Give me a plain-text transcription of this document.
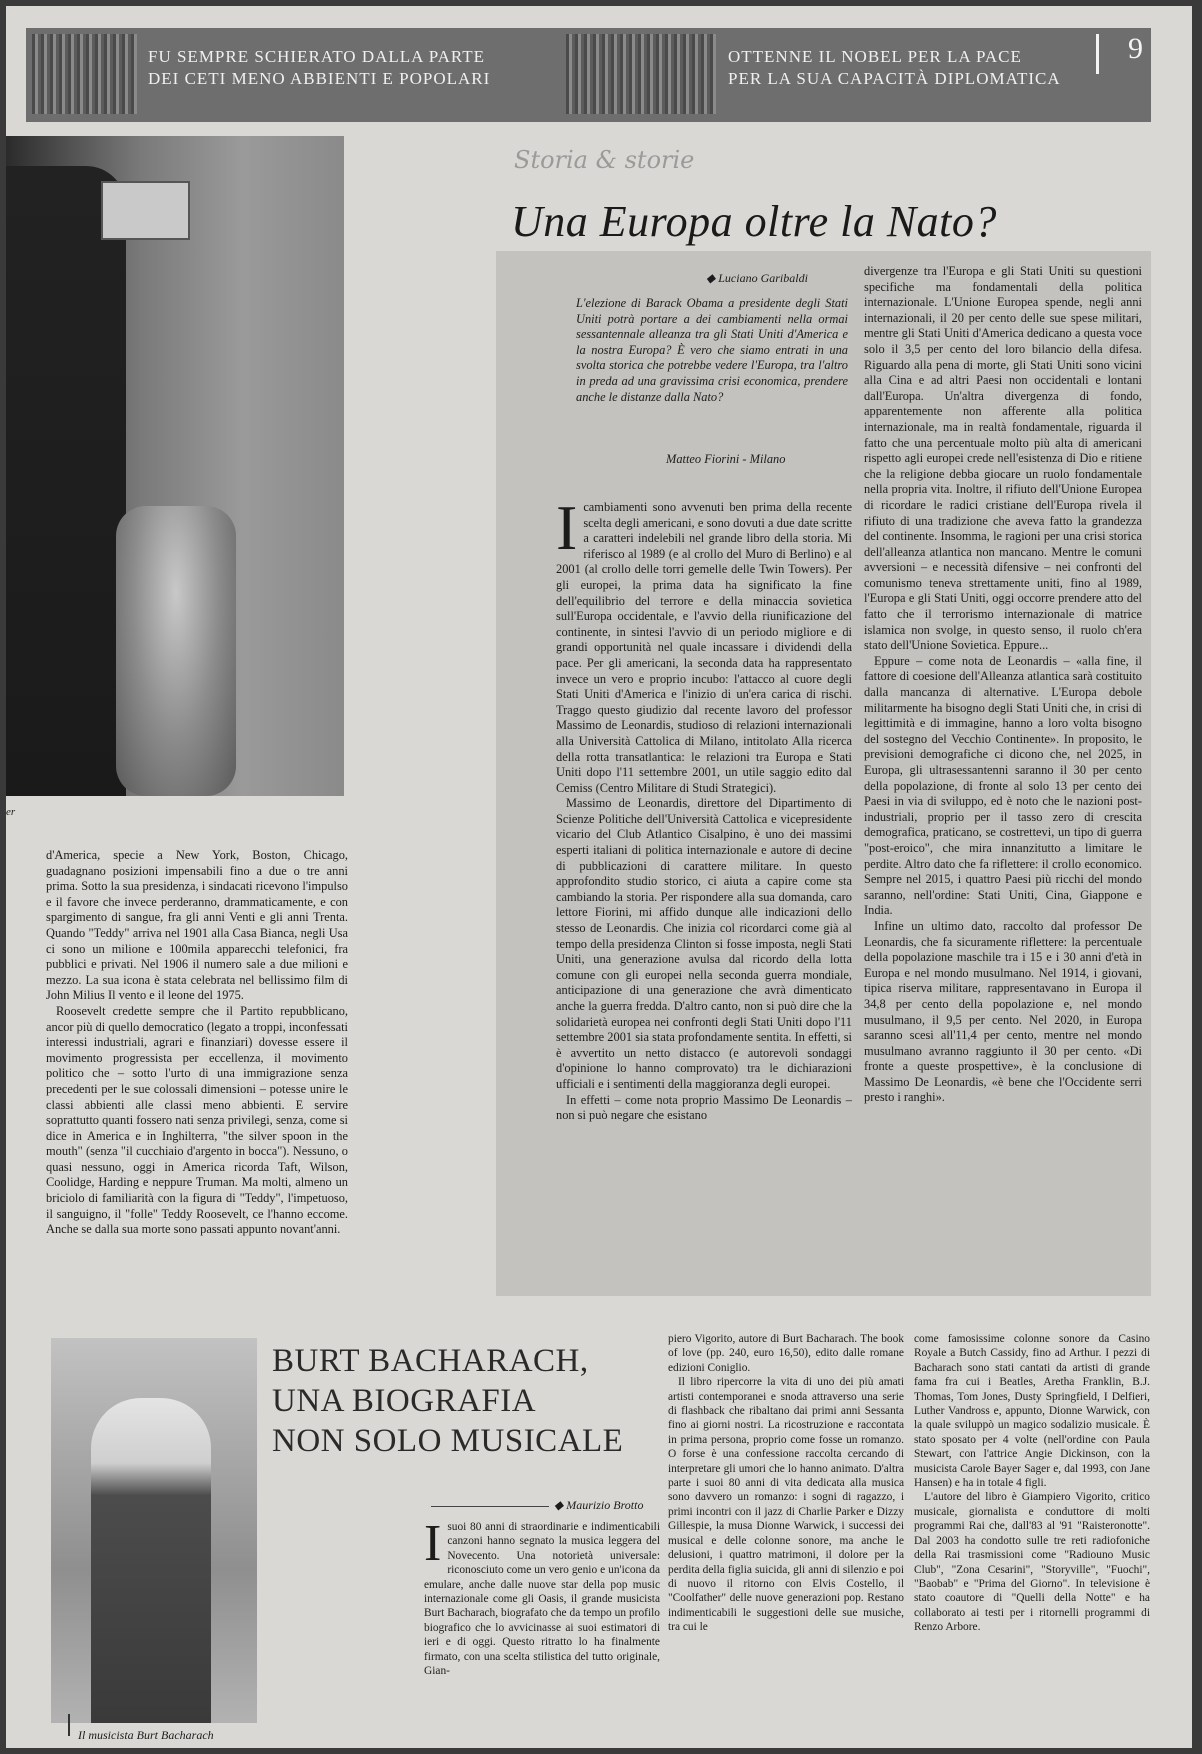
FU SEMPRE SCHIERATO DALLA PARTE
DEI CETI MENO ABBIENTI E POPOLARI
OTTENNE IL NOBEL PER LA PACE
PER LA SUA CAPACITÀ DIPLOMATICA
9
er

d'America, specie a New York, Boston, Chicago, guadagnano posizioni impensabili fino a due o tre anni prima. Sotto la sua presidenza, i sindacati ricevono l'impulso e il favore che invece perderanno, drammaticamente, e con spargimento di sangue, fra gli anni Venti e gli anni Trenta. Quando "Teddy" arriva nel 1901 alla Casa Bianca, negli Usa ci sono un milione e 100mila apparecchi telefonici, fra pubblici e privati. Nel 1906 il numero sale a due milioni e mezzo. La sua icona è stata celebrata nel bellissimo film di John Milius Il vento e il leone del 1975.

Roosevelt credette sempre che il Partito repubblicano, ancor più di quello democratico (legato a troppi, inconfessati interessi industriali, agrari e finanziari) dovesse essere il movimento progressista per eccellenza, il movimento politico che – sotto l'urto di una immigrazione senza precedenti per le sue colossali dimensioni – potesse unire le classi abbienti alle classi meno abbienti. E servire soprattutto quanti fossero nati senza privilegi, senza, come si dice in America e in Inghilterra, "the silver spoon in the mouth" (senza "il cucchiaio d'argento in bocca"). Nessuno, o quasi nessuno, oggi in America ricorda Taft, Wilson, Coolidge, Harding e neppure Truman. Ma molti, almeno un briciolo di familiarità con la figura di "Teddy", l'impetuoso, il sanguigno, il "folle" Teddy Roosevelt, ce l'hanno eccome. Anche se dalla sua morte sono passati appunto novant'anni.

Storia & storie
Una Europa oltre la Nato?
◆ Luciano Garibaldi
L'elezione di Barack Obama a presidente degli Stati Uniti potrà portare a dei cambiamenti nella ormai sessantennale alleanza tra gli Stati Uniti d'America e la nostra Europa? È vero che siamo entrati in una svolta storica che potrebbe vedere l'Europa, tra l'altro in preda ad una gravissima crisi economica, prendere anche le distanze dalla Nato?
Matteo Fiorini - Milano

Icambiamenti sono avvenuti ben prima della recente scelta degli americani, e sono dovuti a due date scritte a caratteri indelebili nel grande libro della storia. Mi riferisco al 1989 (e al crollo del Muro di Berlino) e al 2001 (al crollo delle torri gemelle delle Twin Towers). Per gli europei, la prima data ha significato la fine dell'equilibrio del terrore e della minaccia sovietica sull'Europa occidentale, e l'avvio della riunificazione del continente, in sintesi l'avvio di un periodo migliore e di grandi opportunità nel quale incassare i dividendi della pace. Per gli americani, la seconda data ha rappresentato invece un vero e proprio incubo: l'attacco al cuore degli Stati Uniti d'America e l'inizio di un'era carica di rischi. Traggo questo giudizio dal recente lavoro del professor Massimo de Leonardis, studioso di relazioni internazionali alla Università Cattolica di Milano, intitolato Alla ricerca della rotta transatlantica: le relazioni tra Europa e Stati Uniti dopo l'11 settembre 2001, un utile saggio edito dal Cemiss (Centro Militare di Studi Strategici).

Massimo de Leonardis, direttore del Dipartimento di Scienze Politiche dell'Università Cattolica e vicepresidente vicario del Club Atlantico Cisalpino, è uno dei massimi esperti italiani di politica internazionale e autore di decine di pubblicazioni di carattere militare. In questo approfondito studio storico, ci aiuta a capire come sta cambiando la storia. Per rispondere alla sua domanda, caro lettore Fiorini, mi affido dunque alle indicazioni dello stesso de Leonardis. Che inizia col ricordarci come già al tempo della presidenza Clinton si fosse imposta, negli Stati Uniti, una generazione avulsa dal ricordo della lotta comune con gli europei nella seconda guerra mondiale, anticipazione di una generazione che avrà dimenticato anche la guerra fredda. D'altro canto, non si può dire che la solidarietà europea nei confronti degli Stati Uniti dopo l'11 settembre 2001 sia stata profondamente sentita. In effetti, si è avvertito un netto distacco (e autorevoli sondaggi d'opinione lo hanno comprovato) tra le dichiarazioni ufficiali e i sentimenti della maggioranza degli europei.

In effetti – come nota proprio Massimo De Leonardis – non si può negare che esistano

divergenze tra l'Europa e gli Stati Uniti su questioni specifiche ma fondamentali della politica internazionale. L'Unione Europea spende, negli anni internazionali, il 20 per cento delle sue spese militari, mentre gli Stati Uniti d'America dedicano a questa voce solo il 3,5 per cento del loro bilancio della difesa. Riguardo alla pena di morte, gli Stati Uniti sono vicini alla Cina e ad altri Paesi non occidentali e lontani dall'Europa. Un'altra divergenza di fondo, apparentemente non afferente alla politica internazionale, ma in realtà fondamentale, riguarda il fatto che una percentuale molto più alta di americani rispetto agli europei crede nell'esistenza di Dio e ritiene che la religione debba giocare un ruolo fondamentale nella propria vita. Inoltre, il rifiuto dell'Unione Europea di ricordare le radici cristiane dell'Europa rivela il rifiuto di una tradizione che aveva fatto la grandezza del continente. Insomma, le ragioni per una crisi storica dell'alleanza atlantica non mancano. Mentre le comuni avversioni – e necessità difensive – nei confronti del comunismo teneva strettamente uniti, fino al 1989, l'Europa e gli Stati Uniti, oggi occorre prendere atto del fatto che il terrorismo internazionale di matrice islamica non svolge, in questo senso, il ruolo ch'era stato dell'Unione Sovietica. Eppure...

Eppure – come nota de Leonardis – «alla fine, il fattore di coesione dell'Alleanza atlantica sarà costituito dalla mancanza di alternative. L'Europa debole militarmente ha bisogno degli Stati Uniti che, in crisi di legittimità e di immagine, hanno a loro volta bisogno del sostegno del Vecchio Continente». In proposito, le previsioni demografiche ci dicono che, nel 2025, in Europa, gli ultrasessantenni saranno il 30 per cento della popolazione, di fronte al solo 13 per cento dei Paesi in via di sviluppo, ed è noto che le nazioni post-industriali, proprio per il tasso zero di crescita demografica, praticano, se costrettevi, un tipo di guerra "post-eroico", che mira innanzitutto a limitare le perdite. Altro dato che fa riflettere: il crollo economico. Sempre nel 2015, i quattro Paesi più ricchi del mondo saranno, nell'ordine: Stati Uniti, Cina, Giappone e India.

Infine un ultimo dato, raccolto dal professor De Leonardis, che fa sicuramente riflettere: la percentuale della popolazione maschile tra i 15 e i 30 anni d'età in Europa e nel mondo musulmano. Nel 1914, i giovani, tipica riserva militare, rappresentavano in Europa il 34,8 per cento della popolazione e, nel mondo musulmano, il 9,5 per cento. Nel 2020, in Europa saranno scesi all'11,4 per cento, mentre nel mondo musulmano avranno raggiunto il 30 per cento. «Di fronte a queste prospettive», è la conclusione di Massimo De Leonardis, «è bene che l'Occidente serri presto i ranghi».

Il musicista Burt Bacharach
BURT BACHARACH,
UNA BIOGRAFIA
NON SOLO MUSICALE
◆ Maurizio Brotto

Isuoi 80 anni di straordinarie e indimenticabili canzoni hanno segnato la musica leggera del Novecento. Una notorietà universale: riconosciuto come un vero genio e un'icona da emulare, anche dalle nuove star della pop music internazionale come gli Oasis, il grande musicista Burt Bacharach, biografato che da tempo un profilo biografico che lo avvicinasse ai suoi estimatori di ieri e di oggi. Questo ritratto lo ha finalmente firmato, con una scelta stilistica del tutto originale, Gian-

piero Vigorito, autore di Burt Bacharach. The book of love (pp. 240, euro 16,50), edito dalle romane edizioni Coniglio.

Il libro ripercorre la vita di uno dei più amati artisti contemporanei e snoda attraverso una serie di flashback che ribaltano dai primi anni Sessanta fino ai giorni nostri. La ricostruzione e raccontata in prima persona, proprio come fosse un romanzo. O forse è una confessione raccolta cercando di interpretare gli umori che lo hanno animato. D'altra parte i suoi 80 anni di vita dedicata alla musica sono davvero un romanzo: i sogni di ragazzo, i primi incontri con il jazz di Charlie Parker e Dizzy Gillespie, la musa Dionne Warwick, i successi dei musical e delle colonne sonore, ma anche le delusioni, i quattro matrimoni, il dolore per la perdita della figlia suicida, gli anni di silenzio e poi di nuovo il ritorno con Elvis Costello, il "Coolfather" delle nuove generazioni pop. Restano indimenticabili le suggestioni delle sue musiche, tra cui le

come famosissime colonne sonore da Casino Royale a Butch Cassidy, fino ad Arthur. I pezzi di Bacharach sono stati cantati da artisti di grande fama fra cui i Beatles, Aretha Franklin, B.J. Thomas, Tom Jones, Dusty Springfield, I Delfieri, Luther Vandross e, appunto, Dionne Warwick, con la quale sviluppò un magico sodalizio musicale. È stato sposato per 4 volte (nell'ordine con Paula Stewart, con l'attrice Angie Dickinson, con la musicista Carole Bayer Sager e, dal 1993, con Jane Hansen) e ha in totale 4 figli.

L'autore del libro è Giampiero Vigorito, critico musicale, giornalista e conduttore di molti programmi Rai che, dall'83 al '91 "Raisteronotte". Dal 2003 ha condotto sulle tre reti radiofoniche della Rai trasmissioni come "Radiouno Music Club", "Zona Cesarini", "Storyville", "Fuochi", "Baobab" e "Prima del Giorno". In televisione è stato coautore di "Quelli della Notte" e ha collaborato ai testi per i ritornelli programmi di Renzo Arbore.
